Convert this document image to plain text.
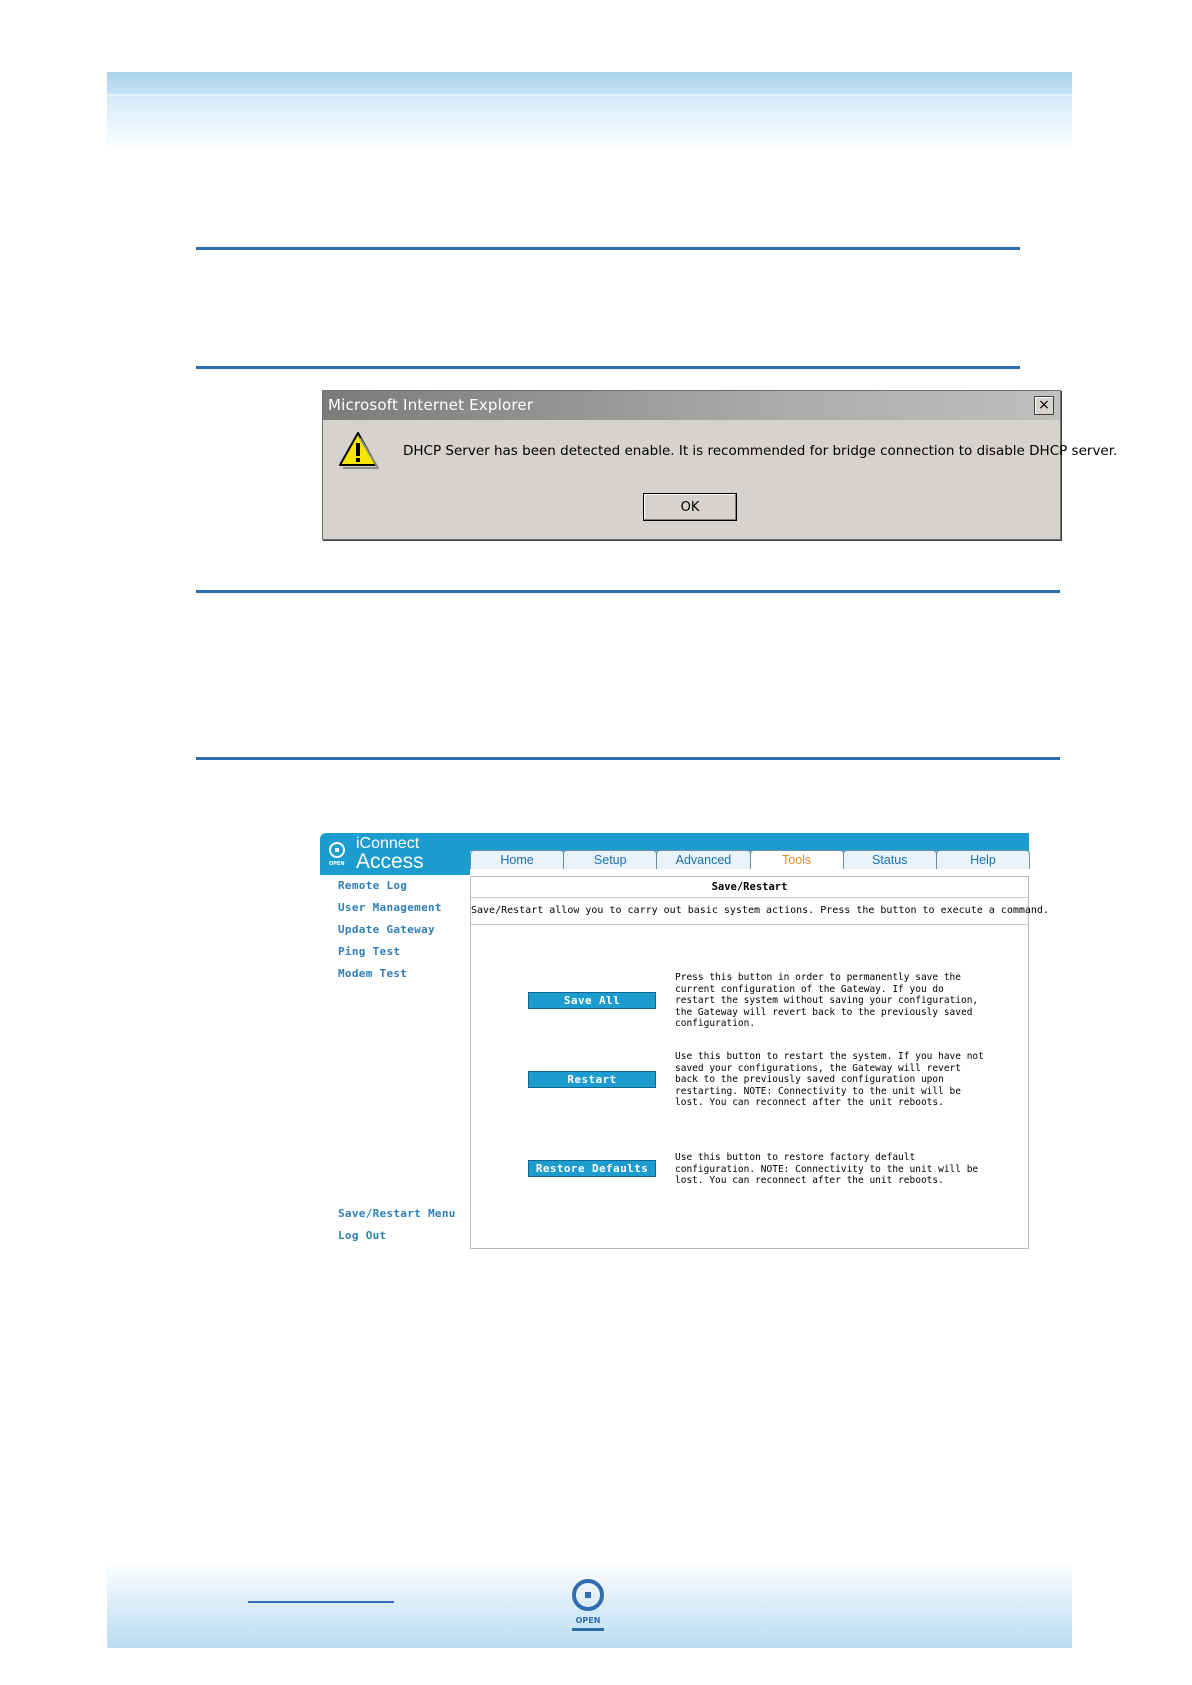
Microsoft Internet Explorer	×
DHCP Server has been detected enable. It is recommended for bridge connection to disable DHCP server.
OK
OPEN
iConnect
Access	Home	Setup	Advanced	Tools	Status	Help
Remote Log
User Management
Update Gateway
Ping Test
Modem Test
Save/Restart Menu
Log Out
Save/Restart
Save/Restart allow you to carry out basic system actions. Press the button to execute a command.
Save All
Press this button in order to permanently save the current configuration of the Gateway. If you do restart the system without saving your configuration, the Gateway will revert back to the previously saved configuration.
Restart
Use this button to restart the system. If you have not saved your configurations, the Gateway will revert back to the previously saved configuration upon restarting. NOTE: Connectivity to the unit will be lost. You can reconnect after the unit reboots.
Restore Defaults
Use this button to restore factory default configuration. NOTE: Connectivity to the unit will be lost. You can reconnect after the unit reboots.
OPEN
